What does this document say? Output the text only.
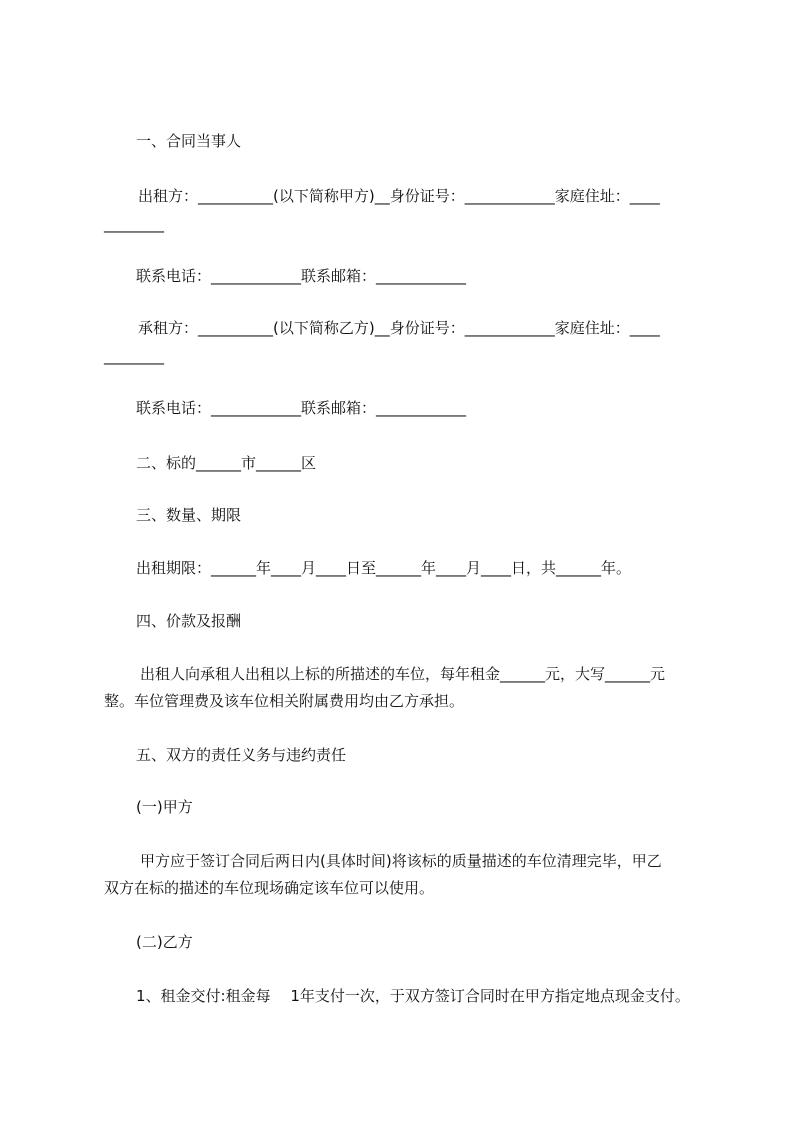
一、合同当事人
出租方：__________(以下简称甲方)__身份证号：____________家庭住址：____
________
联系电话：____________联系邮箱：____________
承租方：__________(以下简称乙方)__身份证号：____________家庭住址：____
________
联系电话：____________联系邮箱：____________
二、标的______市______区
三、数量、期限
出租期限：______年____月____日至______年____月____日，共______年。
四、价款及报酬
出租人向承租人出租以上标的所描述的车位，每年租金______元，大写______元
整。车位管理费及该车位相关附属费用均由乙方承担。
五、双方的责任义务与违约责任
(一)甲方
甲方应于签订合同后两日内(具体时间)将该标的质量描述的车位清理完毕，甲乙
双方在标的描述的车位现场确定该车位可以使用。
(二)乙方
1、租金交付:租金每　 1年支付一次，于双方签订合同时在甲方指定地点现金支付。
